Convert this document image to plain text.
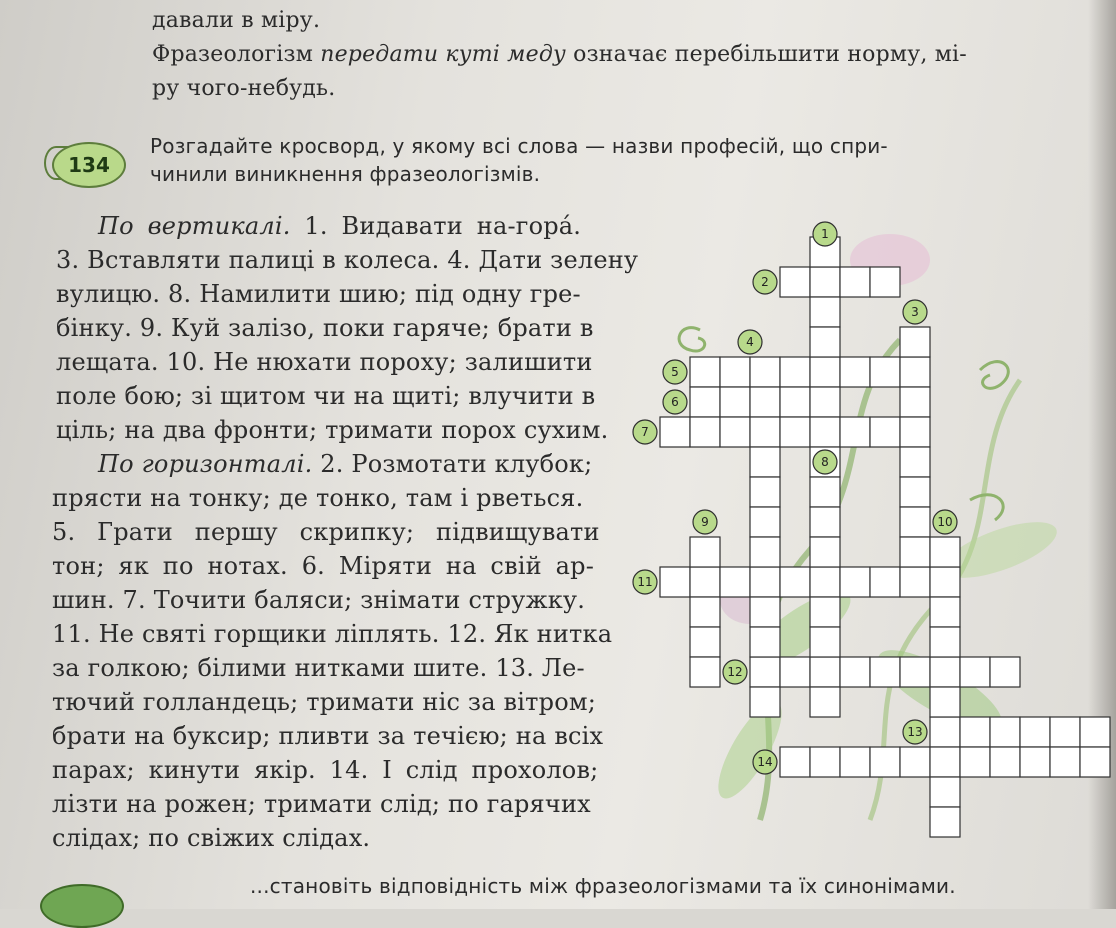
давали в міру.
Фразеологізм передати куті меду означає перебільшити норму, мі-
ру чого-небудь.
134
Розгадайте кросворд, у якому всі слова — назви професій, що спри-
чинили виникнення фразеологізмів.
По вертикалі. 1. Видавати на-горá.
3. Вставляти палиці в колеса. 4. Дати зелену
вулицю. 8. Намилити шию; під одну гре-
бінку. 9. Куй залізо, поки гаряче; брати в
лещата. 10. Не нюхати пороху; залишити
поле бою; зі щитом чи на щиті; влучити в
ціль; на два фронти; тримати порох сухим.
По горизонталі. 2. Розмотати клубок;
прясти на тонку; де тонко, там і рветься.
5. Грати першу скрипку; підвищувати
тон; як по нотах. 6. Міряти на свій ар-
шин. 7. Точити баляси; знімати стружку.
11. Не святі горщики ліплять. 12. Як нитка
за голкою; білими нитками шите. 13. Ле-
тючий голландець; тримати ніс за вітром;
брати на буксир; пливти за течією; на всіх
парах; кинути якір. 14. І слід прохолов;
лізти на рожен; тримати слід; по гарячих
слідах; по свіжих слідах.
...становіть відповідність між фразеологізмами та їх синонімами.
1
2
3
4
5
6
7
8
9	10
11
12
13
14
